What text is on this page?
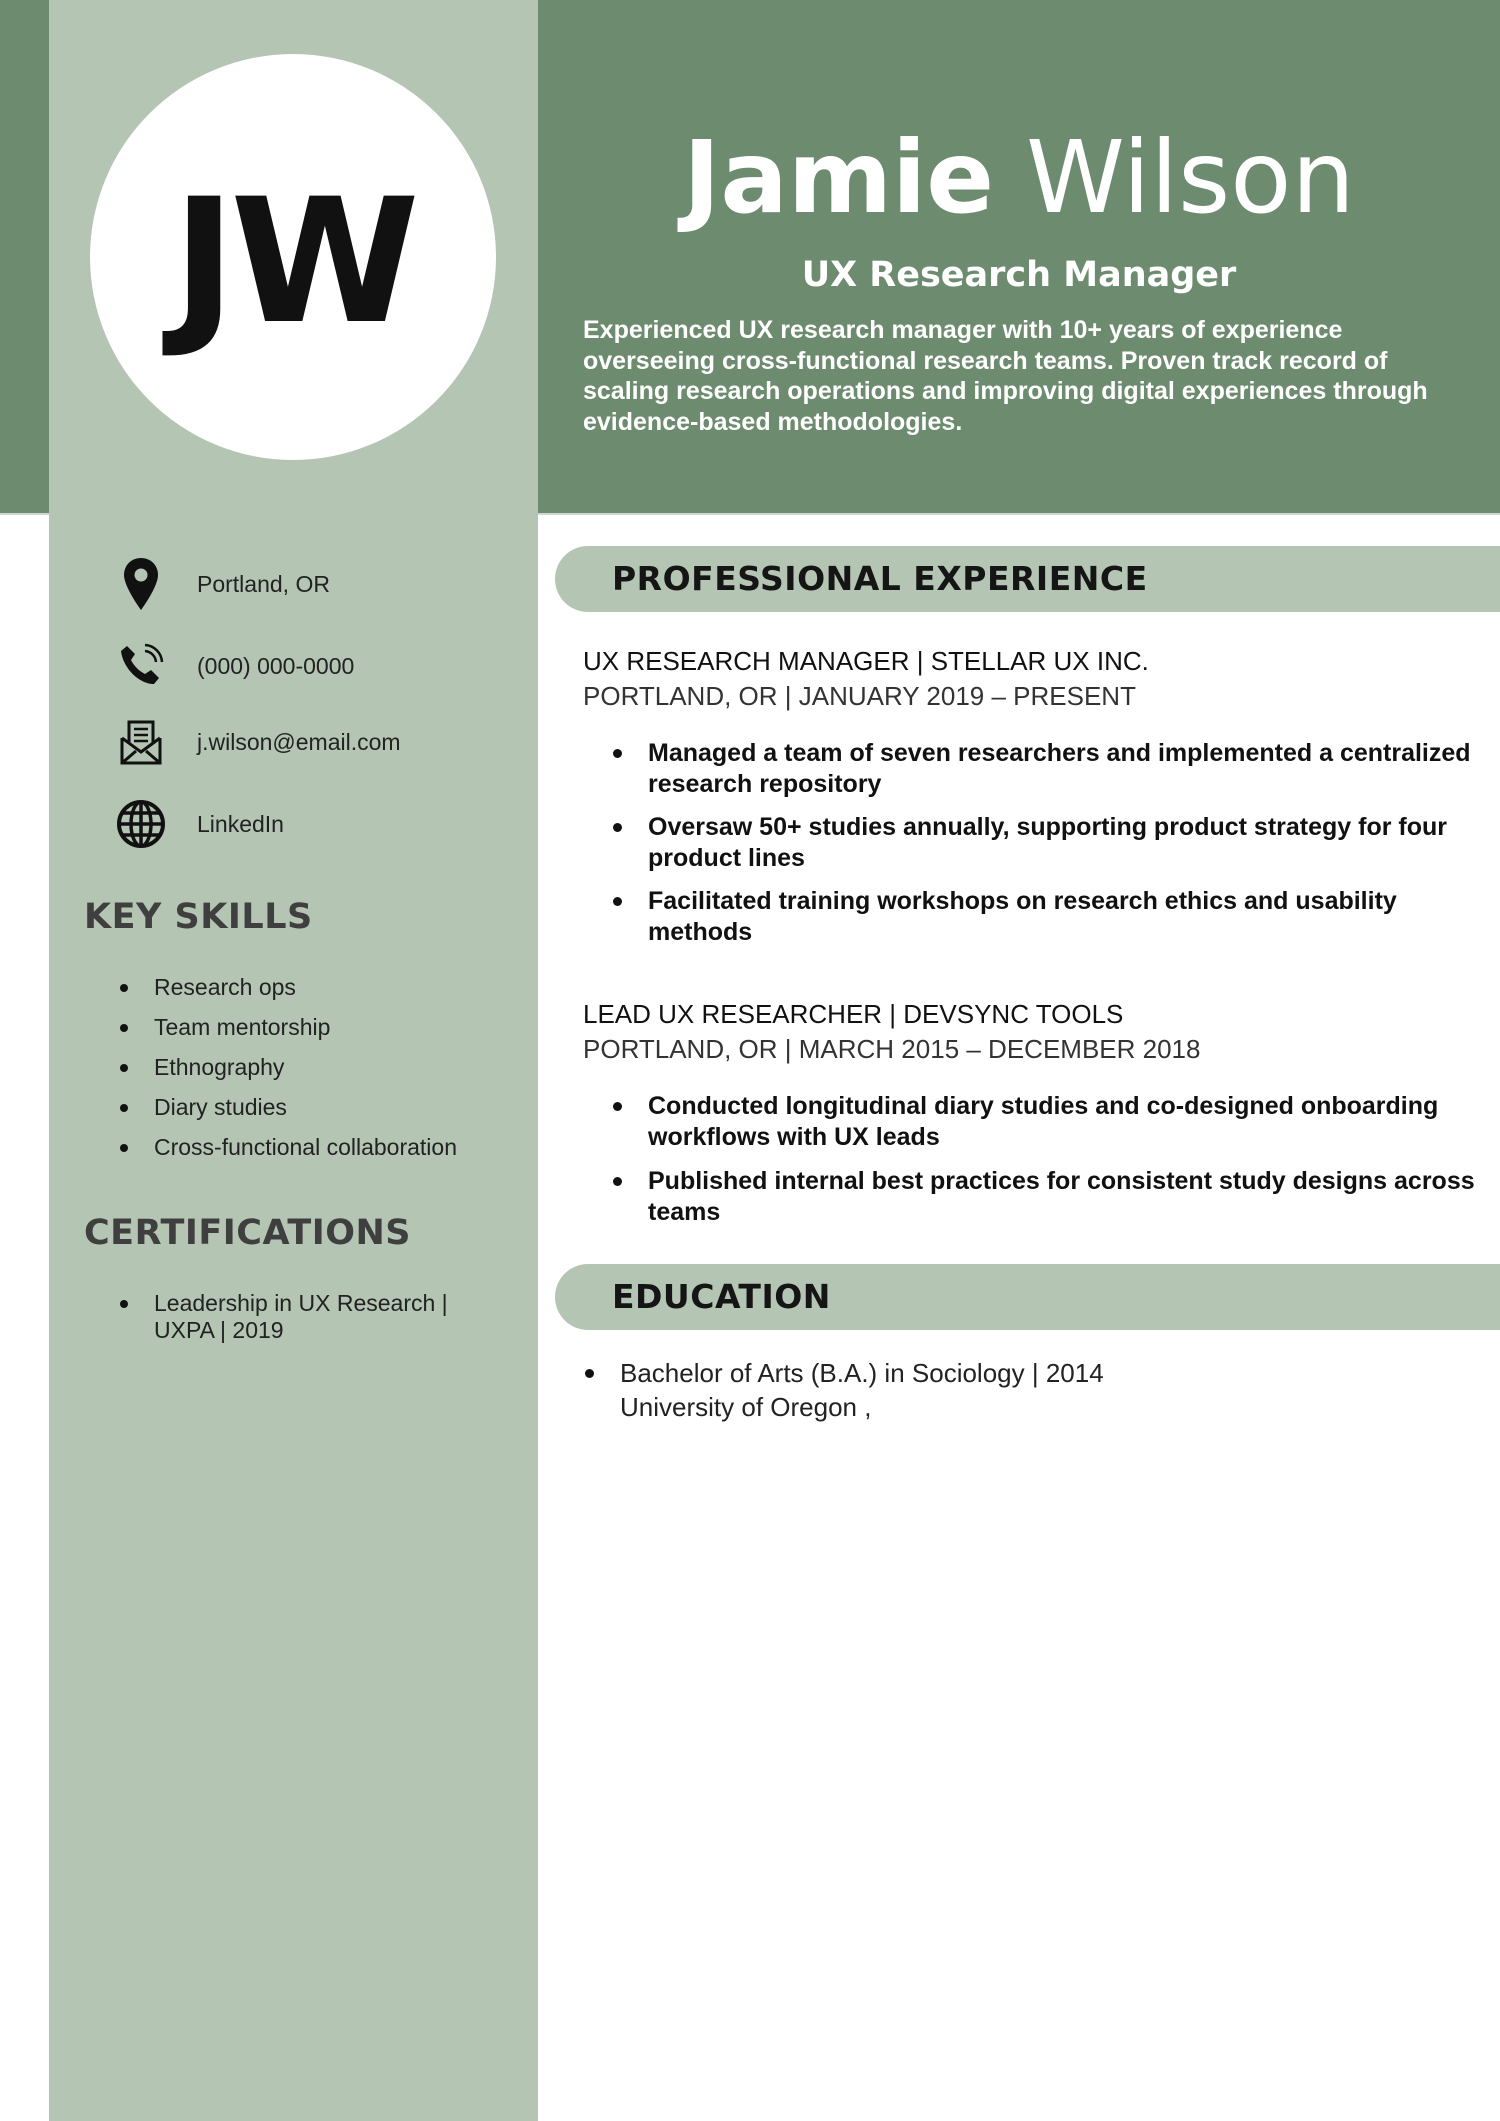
JW	Jamie Wilson
UX Research Manager
Experienced UX research manager with 10+ years of experience overseeing cross-functional research teams. Proven track record of scaling research operations and improving digital experiences through evidence-based methodologies.
Portland, OR
(000) 000-0000
j.wilson@email.com
LinkedIn
KEY SKILLS
Research ops
Team mentorship
Ethnography
Diary studies
Cross-functional collaboration
CERTIFICATIONS
Leadership in UX Research | UXPA | 2019
PROFESSIONAL EXPERIENCE
UX RESEARCH MANAGER | STELLAR UX INC.
PORTLAND, OR | JANUARY 2019 – PRESENT
Managed a team of seven researchers and implemented a centralized research repository
Oversaw 50+ studies annually, supporting product strategy for four product lines
Facilitated training workshops on research ethics and usability methods
LEAD UX RESEARCHER | DEVSYNC TOOLS
PORTLAND, OR | MARCH 2015 – DECEMBER 2018
Conducted longitudinal diary studies and co-designed onboarding workflows with UX leads
Published internal best practices for consistent study designs across teams
EDUCATION
Bachelor of Arts (B.A.) in Sociology | 2014
University of Oregon ,
